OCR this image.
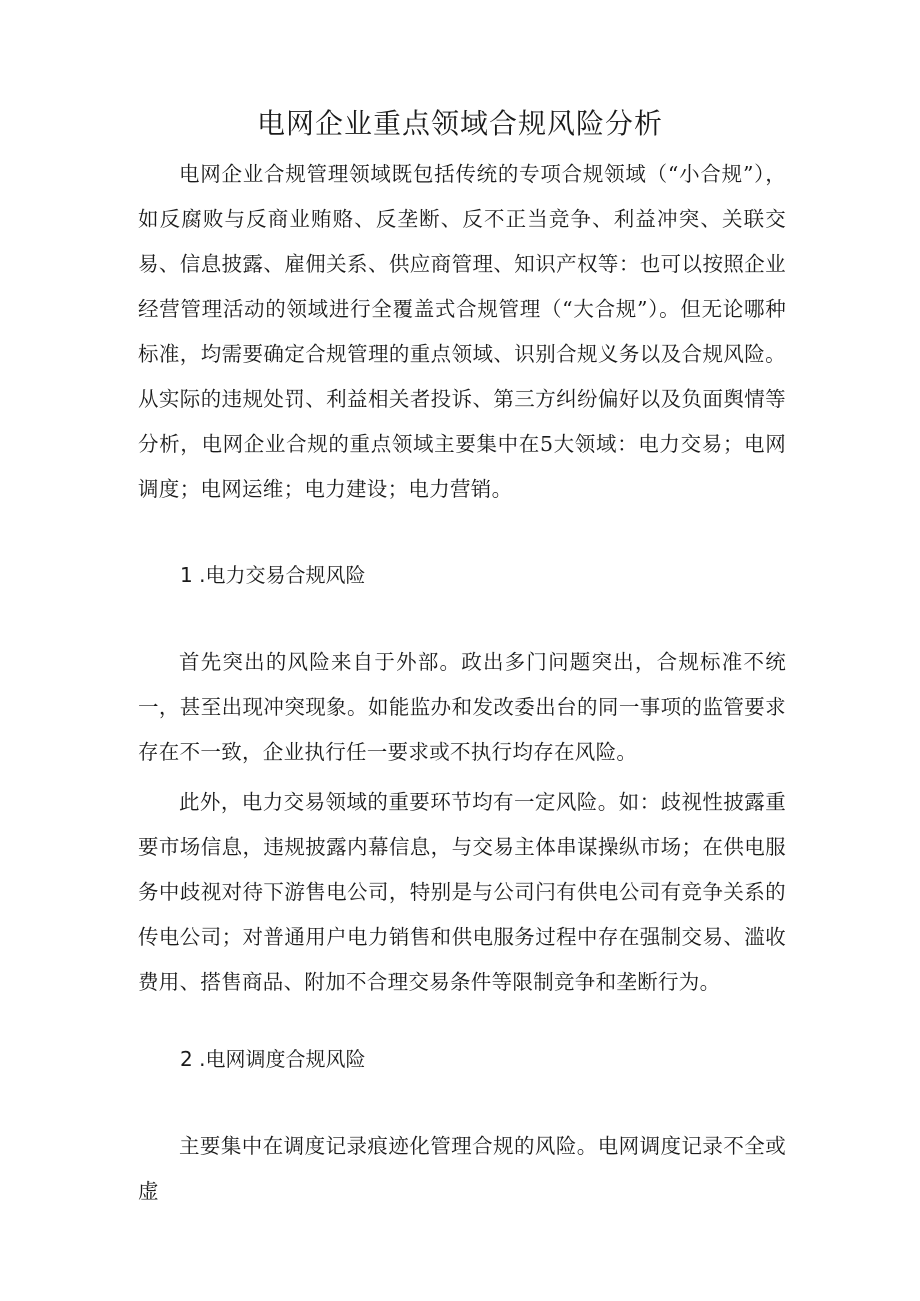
电网企业重点领域合规风险分析

电网企业合规管理领域既包括传统的专项合规领域（“小合规”），如反腐败与反商业贿赂、反垄断、反不正当竞争、利益冲突、关联交易、信息披露、雇佣关系、供应商管理、知识产权等：也可以按照企业经营管理活动的领域进行全覆盖式合规管理（“大合规”）。但无论哪种标准，均需要确定合规管理的重点领域、识别合规义务以及合规风险。从实际的违规处罚、利益相关者投诉、第三方纠纷偏好以及负面舆情等分析，电网企业合规的重点领域主要集中在5大领域：电力交易；电网调度；电网运维；电力建设；电力营销。

1 .电力交易合规风险

首先突出的风险来自于外部。政出多门问题突出，合规标准不统一，甚至出现冲突现象。如能监办和发改委出台的同一事项的监管要求存在不一致，企业执行任一要求或不执行均存在风险。

此外，电力交易领域的重要环节均有一定风险。如：歧视性披露重要市场信息，违规披露内幕信息，与交易主体串谋操纵市场；在供电服务中歧视对待下游售电公司，特别是与公司闩有供电公司有竞争关系的传电公司；对普通用户电力销售和供电服务过程中存在强制交易、滥收费用、搭售商品、附加不合理交易条件等限制竞争和垄断行为。

2 .电网调度合规风险

主要集中在调度记录痕迹化管理合规的风险。电网调度记录不全或虚
